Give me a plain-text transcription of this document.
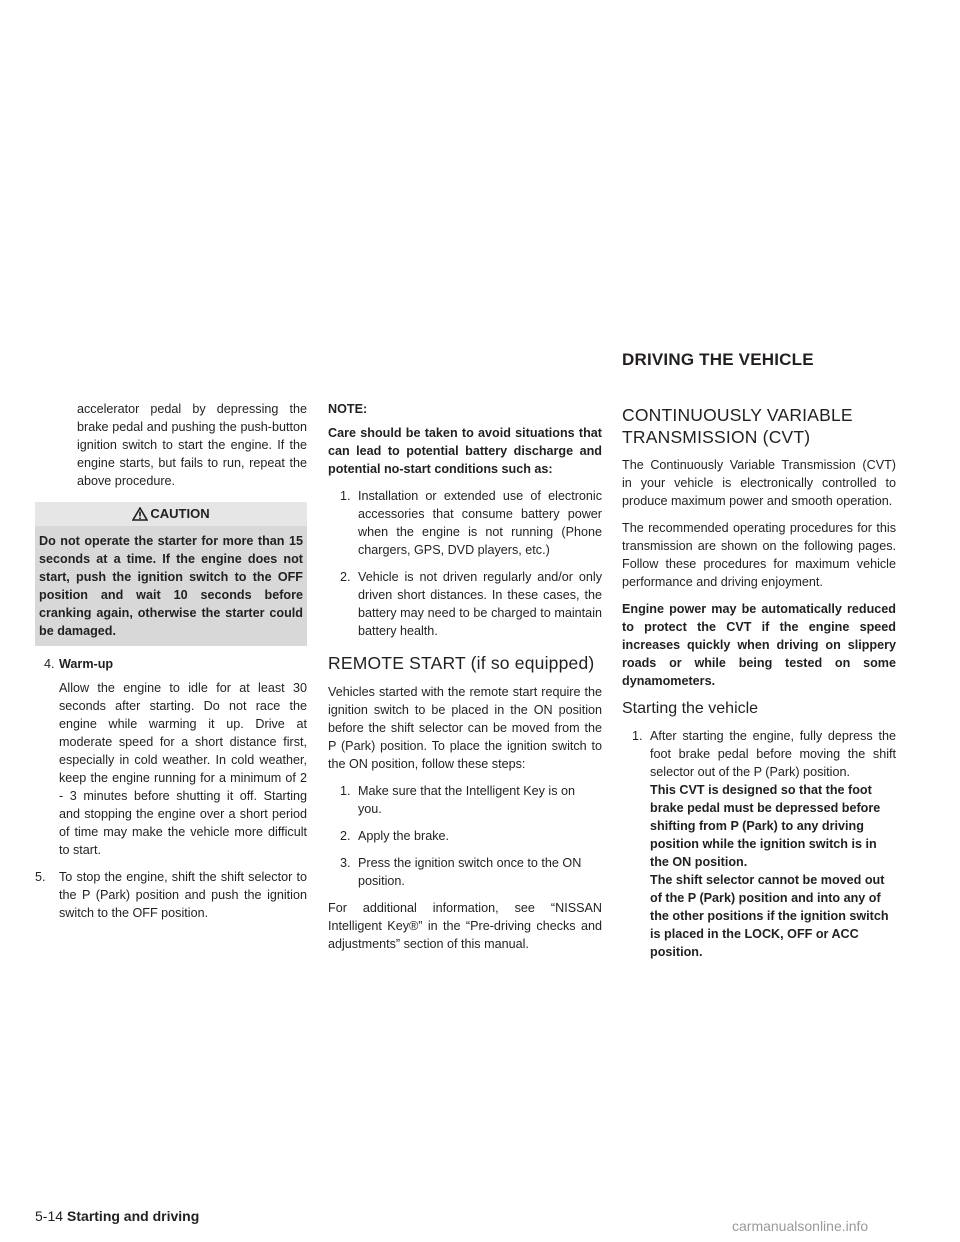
DRIVING THE VEHICLE

accelerator pedal by depressing the brake pedal and pushing the push-button ignition switch to start the engine. If the engine starts, but fails to run, repeat the above procedure.

CAUTION
Do not operate the starter for more than 15 seconds at a time. If the engine does not start, push the ignition switch to the OFF position and wait 10 seconds before cranking again, otherwise the starter could be damaged.
4. Warm-up

Allow the engine to idle for at least 30 seconds after starting. Do not race the engine while warming it up. Drive at moderate speed for a short distance first, especially in cold weather. In cold weather, keep the engine running for a minimum of 2 - 3 minutes before shutting it off. Starting and stopping the engine over a short period of time may make the vehicle more difficult to start.

5.	To stop the engine, shift the shift selector to the P (Park) position and push the ignition switch to the OFF position.

NOTE:

Care should be taken to avoid situations that can lead to potential battery discharge and potential no-start conditions such as:

1. Installation or extended use of electronic accessories that consume battery power when the engine is not running (Phone chargers, GPS, DVD players, etc.)
2. Vehicle is not driven regularly and/or only driven short distances. In these cases, the battery may need to be charged to maintain battery health.
REMOTE START (if so equipped)

Vehicles started with the remote start require the ignition switch to be placed in the ON position before the shift selector can be moved from the P (Park) position. To place the ignition switch to the ON position, follow these steps:

1. Make sure that the Intelligent Key is on you.
2. Apply the brake.
3. Press the ignition switch once to the ON position.

For additional information, see “NISSAN Intelligent Key®” in the “Pre-driving checks and adjustments” section of this manual.

CONTINUOUSLY VARIABLE TRANSMISSION (CVT)

The Continuously Variable Transmission (CVT) in your vehicle is electronically controlled to produce maximum power and smooth operation.

The recommended operating procedures for this transmission are shown on the following pages. Follow these procedures for maximum vehicle performance and driving enjoyment.

Engine power may be automatically reduced to protect the CVT if the engine speed increases quickly when driving on slippery roads or while being tested on some dynamometers.

Starting the vehicle
1. After starting the engine, fully depress the foot brake pedal before moving the shift selector out of the P (Park) position.
This CVT is designed so that the foot brake pedal must be depressed before shifting from P (Park) to any driving position while the ignition switch is in the ON position.
The shift selector cannot be moved out of the P (Park) position and into any of the other positions if the ignition switch is placed in the LOCK, OFF or ACC position.
5-14 Starting and driving
carmanualsonline.info
